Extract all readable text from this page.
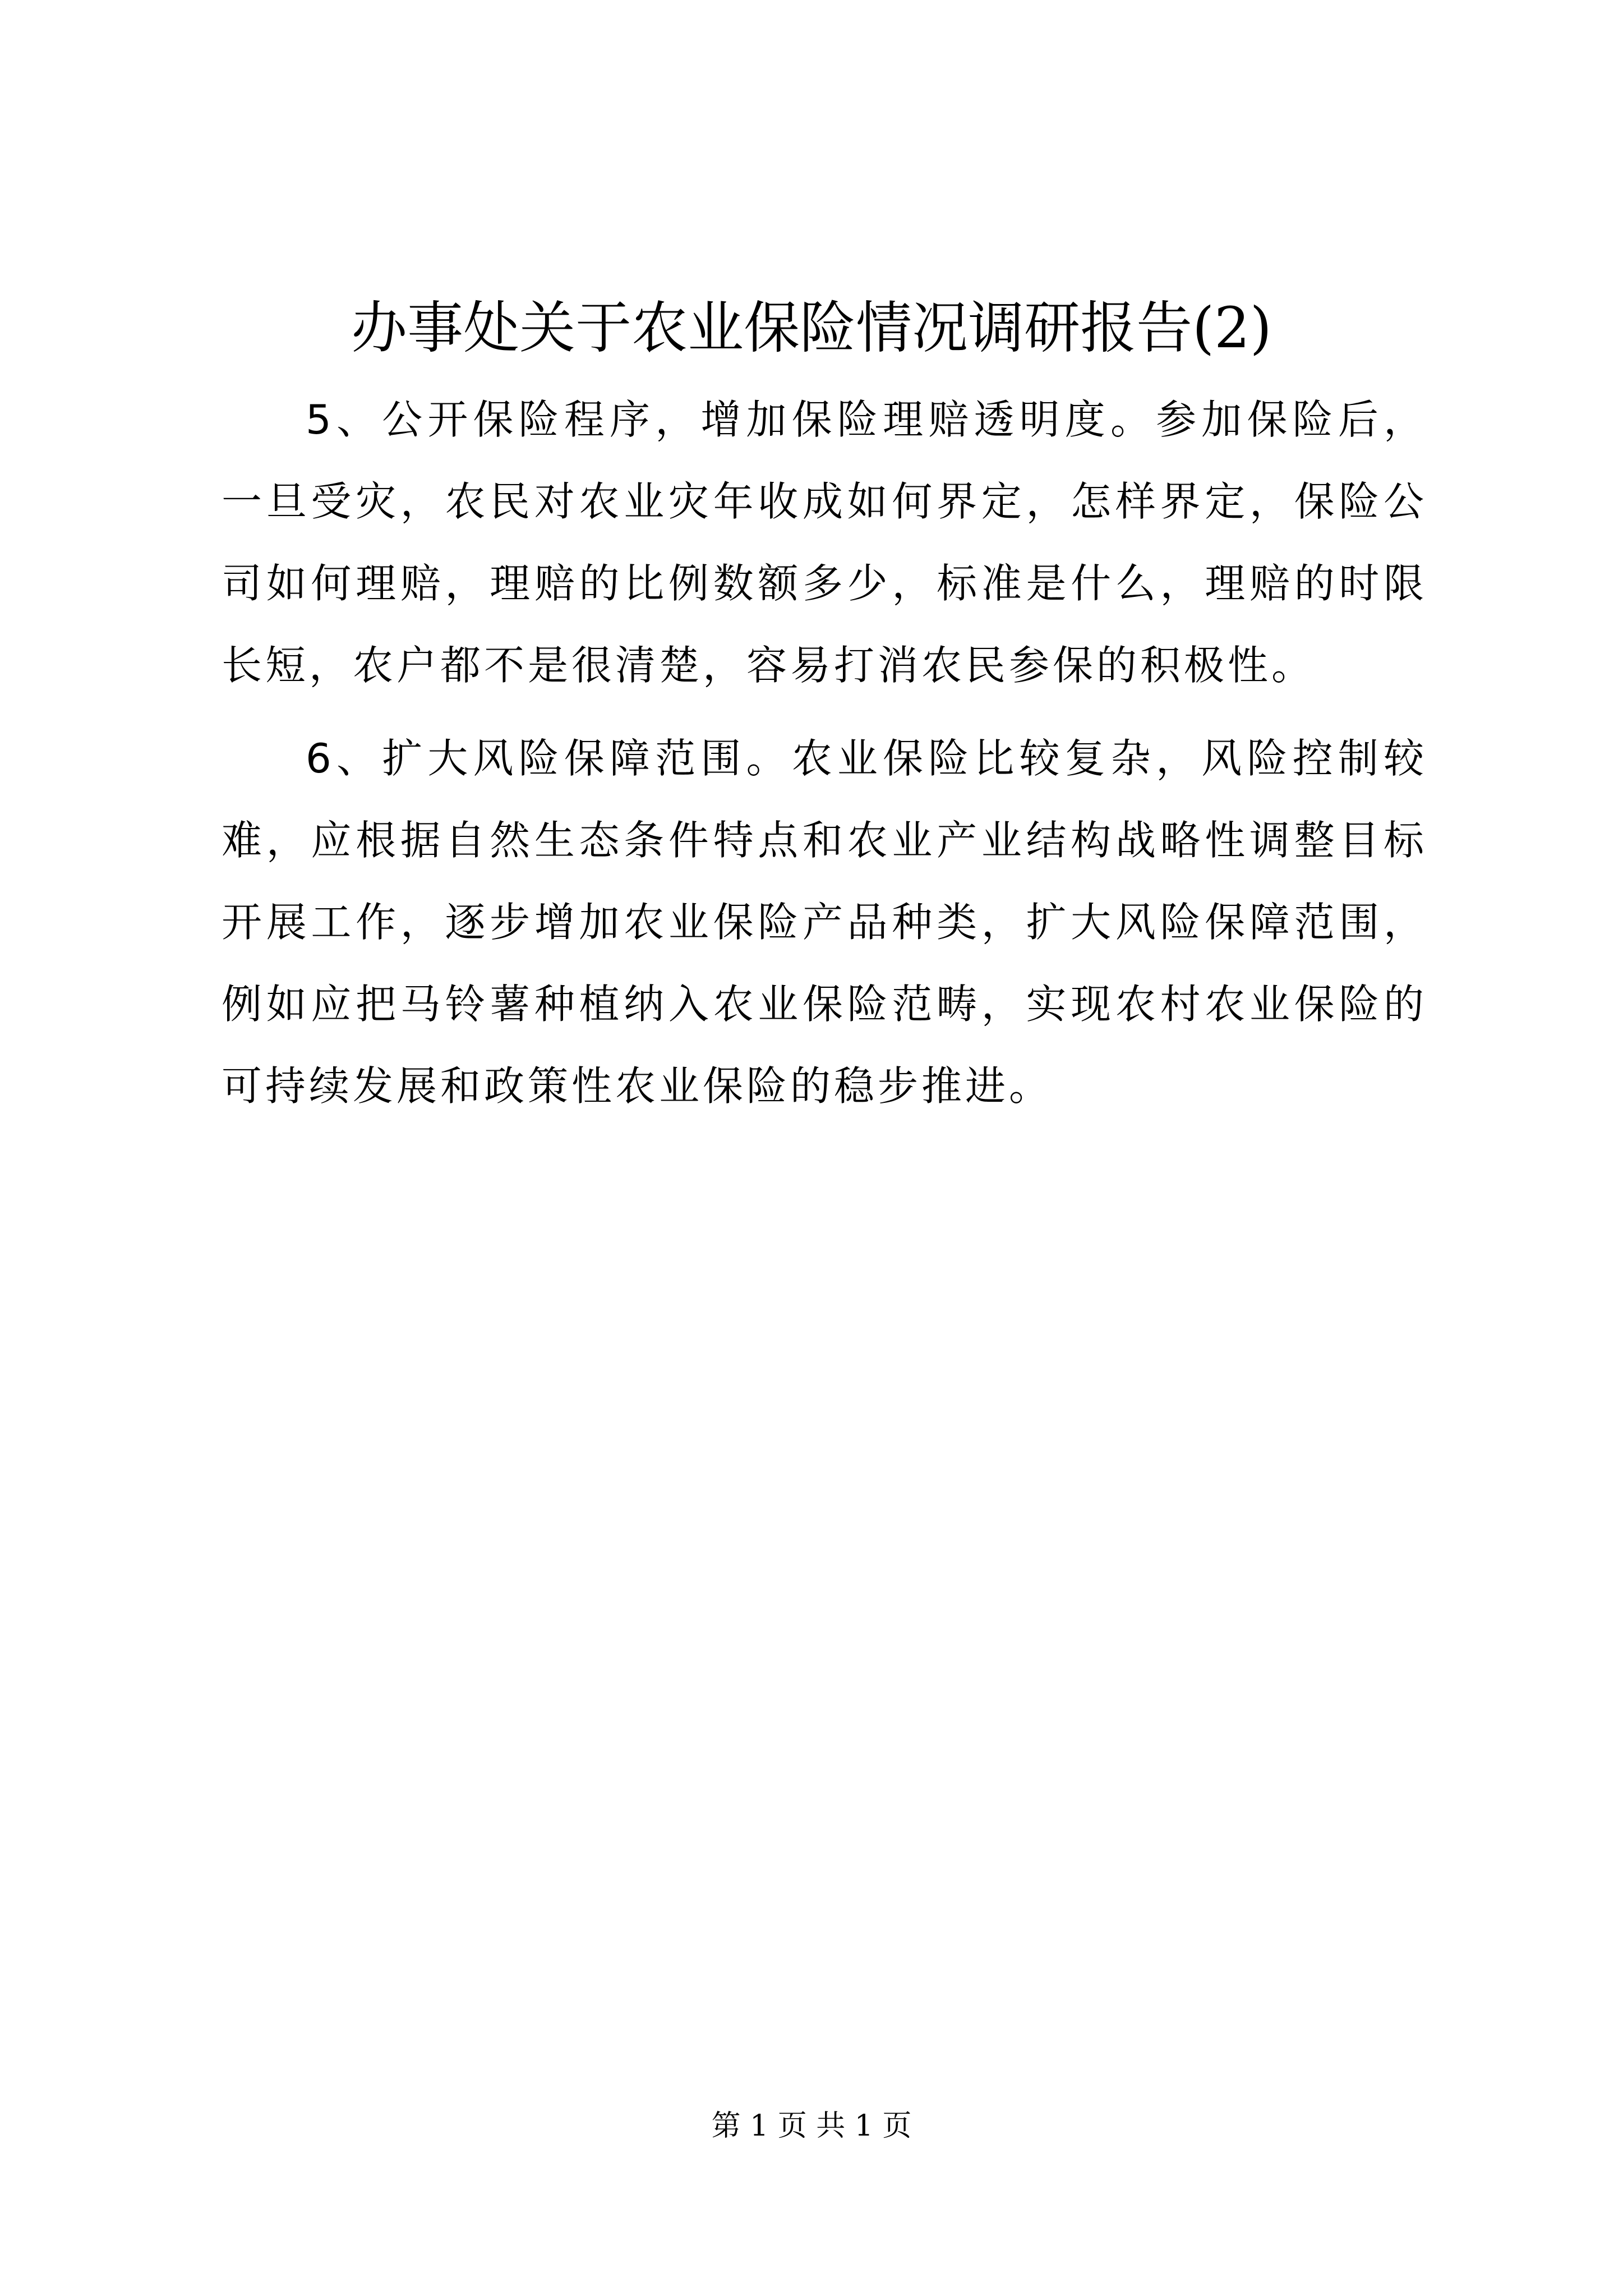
办事处关于农业保险情况调研报告(2)

5、公开保险程序，增加保险理赔透明度。参加保险后，一旦受灾，农民对农业灾年收成如何界定，怎样界定，保险公司如何理赔，理赔的比例数额多少，标准是什么，理赔的时限长短，农户都不是很清楚，容易打消农民参保的积极性。

6、扩大风险保障范围。农业保险比较复杂，风险控制较难，应根据自然生态条件特点和农业产业结构战略性调整目标开展工作，逐步增加农业保险产品种类，扩大风险保障范围，例如应把马铃薯种植纳入农业保险范畴，实现农村农业保险的可持续发展和政策性农业保险的稳步推进。

第 1 页 共 1 页
